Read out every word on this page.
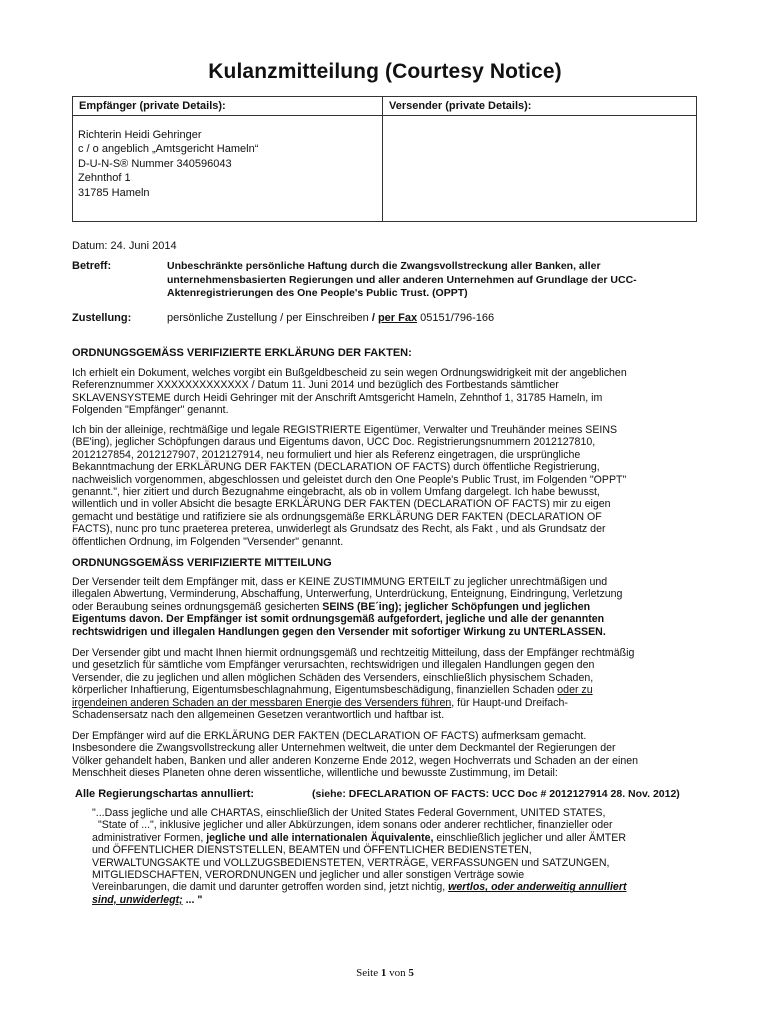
Kulanzmitteilung (Courtesy Notice)
Empfänger (private Details):	Versender (private Details):
Richterin Heidi Gehringer
c / o angeblich „Amtsgericht Hameln“
D-U-N-S® Nummer 340596043
Zehnthof 1
31785 Hameln
Datum: 24. Juni 2014
Betreff:	Unbeschränkte persönliche Haftung durch die Zwangsvollstreckung aller Banken, aller
unternehmensbasierten Regierungen und aller anderen Unternehmen auf Grundlage der UCC-
Aktenregistrierungen des One People's Public Trust. (OPPT)
Zustellung:	persönliche Zustellung / per Einschreiben / per Fax 05151/796-166
ORDNUNGSGEMÄSS VERIFIZIERTE ERKLÄRUNG DER FAKTEN:
Ich erhielt ein Dokument, welches vorgibt ein Bußgeldbescheid zu sein wegen Ordnungswidrigkeit mit der angeblichen
Referenznummer XXXXXXXXXXXXX / Datum 11. Juni 2014 und bezüglich des Fortbestands sämtlicher
SKLAVENSYSTEME durch Heidi Gehringer mit der Anschrift Amtsgericht Hameln, Zehnthof 1, 31785 Hameln, im
Folgenden "Empfänger" genannt.
Ich bin der alleinige, rechtmäßige und legale REGISTRIERTE Eigentümer, Verwalter und Treuhänder meines SEINS
(BE'ing), jeglicher Schöpfungen daraus und Eigentums davon, UCC Doc. Registrierungsnummern 2012127810,
2012127854, 2012127907, 2012127914, neu formuliert und hier als Referenz eingetragen, die ursprüngliche
Bekanntmachung der ERKLÄRUNG DER FAKTEN (DECLARATION OF FACTS) durch öffentliche Registrierung,
nachweislich vorgenommen, abgeschlossen und geleistet durch den One People's Public Trust, im Folgenden "OPPT"
genannt.", hier zitiert und durch Bezugnahme eingebracht, als ob in vollem Umfang dargelegt. Ich habe bewusst,
willentlich und in voller Absicht die besagte ERKLÄRUNG DER FAKTEN (DECLARATION OF FACTS) mir zu eigen
gemacht und bestätige und ratifiziere sie als ordnungsgemäße ERKLÄRUNG DER FAKTEN (DECLARATION OF
FACTS), nunc pro tunc praeterea preterea, unwiderlegt als Grundsatz des Recht, als Fakt , und als Grundsatz der
öffentlichen Ordnung, im Folgenden "Versender" genannt.
ORDNUNGSGEMÄSS VERIFIZIERTE MITTEILUNG
Der Versender teilt dem Empfänger mit, dass er KEINE ZUSTIMMUNG ERTEILT zu jeglicher unrechtmäßigen und
illegalen Abwertung, Verminderung, Abschaffung, Unterwerfung, Unterdrückung, Enteignung, Eindringung, Verletzung
oder Beraubung seines ordnungsgemäß gesicherten SEINS (BE´ing); jeglicher Schöpfungen und jeglichen
Eigentums davon. Der Empfänger ist somit ordnungsgemäß aufgefordert, jegliche und alle der genannten
rechtswidrigen und illegalen Handlungen gegen den Versender mit sofortiger Wirkung zu UNTERLASSEN.
Der Versender gibt und macht Ihnen hiermit ordnungsgemäß und rechtzeitig Mitteilung, dass der Empfänger rechtmäßig
und gesetzlich für sämtliche vom Empfänger verursachten, rechtswidrigen und illegalen Handlungen gegen den
Versender, die zu jeglichen und allen möglichen Schäden des Versenders, einschließlich physischem Schaden,
körperlicher Inhaftierung, Eigentumsbeschlagnahmung, Eigentumsbeschädigung, finanziellen Schaden oder zu
irgendeinen anderen Schaden an der messbaren Energie des Versenders führen, für Haupt-und Dreifach-
Schadensersatz nach den allgemeinen Gesetzen verantwortlich und haftbar ist.
Der Empfänger wird auf die ERKLÄRUNG DER FAKTEN (DECLARATION OF FACTS) aufmerksam gemacht.
Insbesondere die Zwangsvollstreckung aller Unternehmen weltweit, die unter dem Deckmantel der Regierungen der
Völker gehandelt haben, Banken und aller anderen Konzerne Ende 2012, wegen Hochverrats und Schaden an der einen
Menschheit dieses Planeten ohne deren wissentliche, willentliche und bewusste Zustimmung, im Detail:
Alle Regierungschartas annulliert:	(siehe: DFECLARATION OF FACTS: UCC Doc # 2012127914 28. Nov. 2012)
"...Dass jegliche und alle CHARTAS, einschließlich der United States Federal Government, UNITED STATES,
"State of ...", inklusive jeglicher und aller Abkürzungen, idem sonans oder anderer rechtlicher, finanzieller oder
administrativer Formen, jegliche und alle internationalen Äquivalente, einschließlich jeglicher und aller ÄMTER
und ÖFFENTLICHER DIENSTSTELLEN, BEAMTEN und ÖFFENTLICHER BEDIENSTETEN,
VERWALTUNGSAKTE und VOLLZUGSBEDIENSTETEN, VERTRÄGE, VERFASSUNGEN und SATZUNGEN,
MITGLIEDSCHAFTEN, VERORDNUNGEN und jeglicher und aller sonstigen Verträge sowie
Vereinbarungen, die damit und darunter getroffen worden sind, jetzt nichtig, wertlos, oder anderweitig annulliert
sind, unwiderlegt; ... "
Seite 1 von 5
